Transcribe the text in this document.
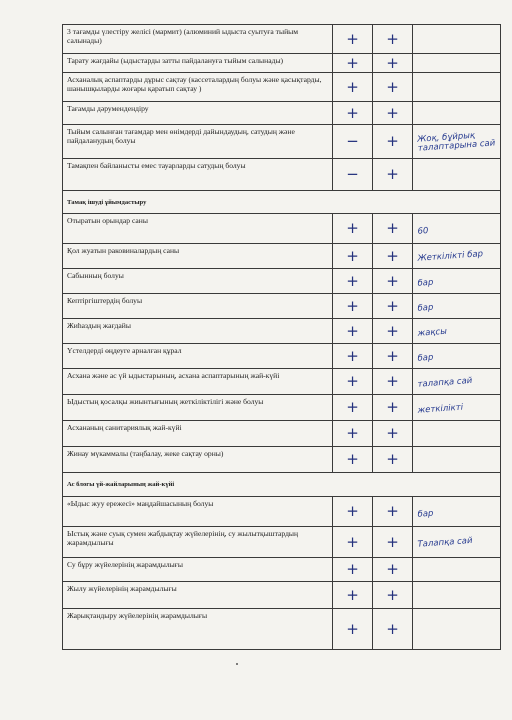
3 тағамды үлестіру желісі (мармит) (алюминий ыдыста суытуға тыйым салынады)	+	+	
Тарату жағдайы (ыдыстарды затты пайдалануға тыйым салынады)	+	+	
Асханалық аспаптарды дұрыс сақтау (кассеталардың болуы және қасықтарды, шанышқыларды жоғары қаратып сақтау )	+	+	
Тағамды дәрумендендіру	+	+	
Тыйым салынған тағамдар мен өнімдерді дайындаудың, сатудың және пайдаланудың болуы	−	+	Жоқ, бұйрық талаптарына сай
Тамақпен байланысты емес тауарларды сатудың болуы	−	+	
Тамақ ішуді ұйымдастыру			
Отыратын орындар саны	+	+	60
Қол жуатын раковиналардың саны	+	+	Жеткілікті бар
Сабынның болуы	+	+	бар
Кептіргіштердің болуы	+	+	бар
Жиhаздың жағдайы	+	+	жақсы
Үстелдерді өңдеуге арналған құрал	+	+	бар
Асхана және ас үй ыдыстарының, асхана аспаптарының жай-күйі	+	+	талапқа сай
Ыдыстың қосалқы жиынтығының жеткіліктілігі және болуы	+	+	жеткілікті
Асхананың санитариялық жай-күйі	+	+	
Жинау мүкаммалы (таңбалау, жеке сақтау орны)	+	+	
Ас блогы үй-жайларының жай-күйі			
«Ыдыс жуу ережесі» маңдайшасының болуы	+	+	бар
Ыстық және суық сумен жабдықтау жүйелерінің, су жылытқыштардың жарамдылығы	+	+	Талапқа сай
Су бұру жүйелерінің жарамдылығы	+	+	
Жылу жүйелерінің жарамдылығы	+	+	
Жарықтандыру жүйелерінің жарамдылығы	+	+	
